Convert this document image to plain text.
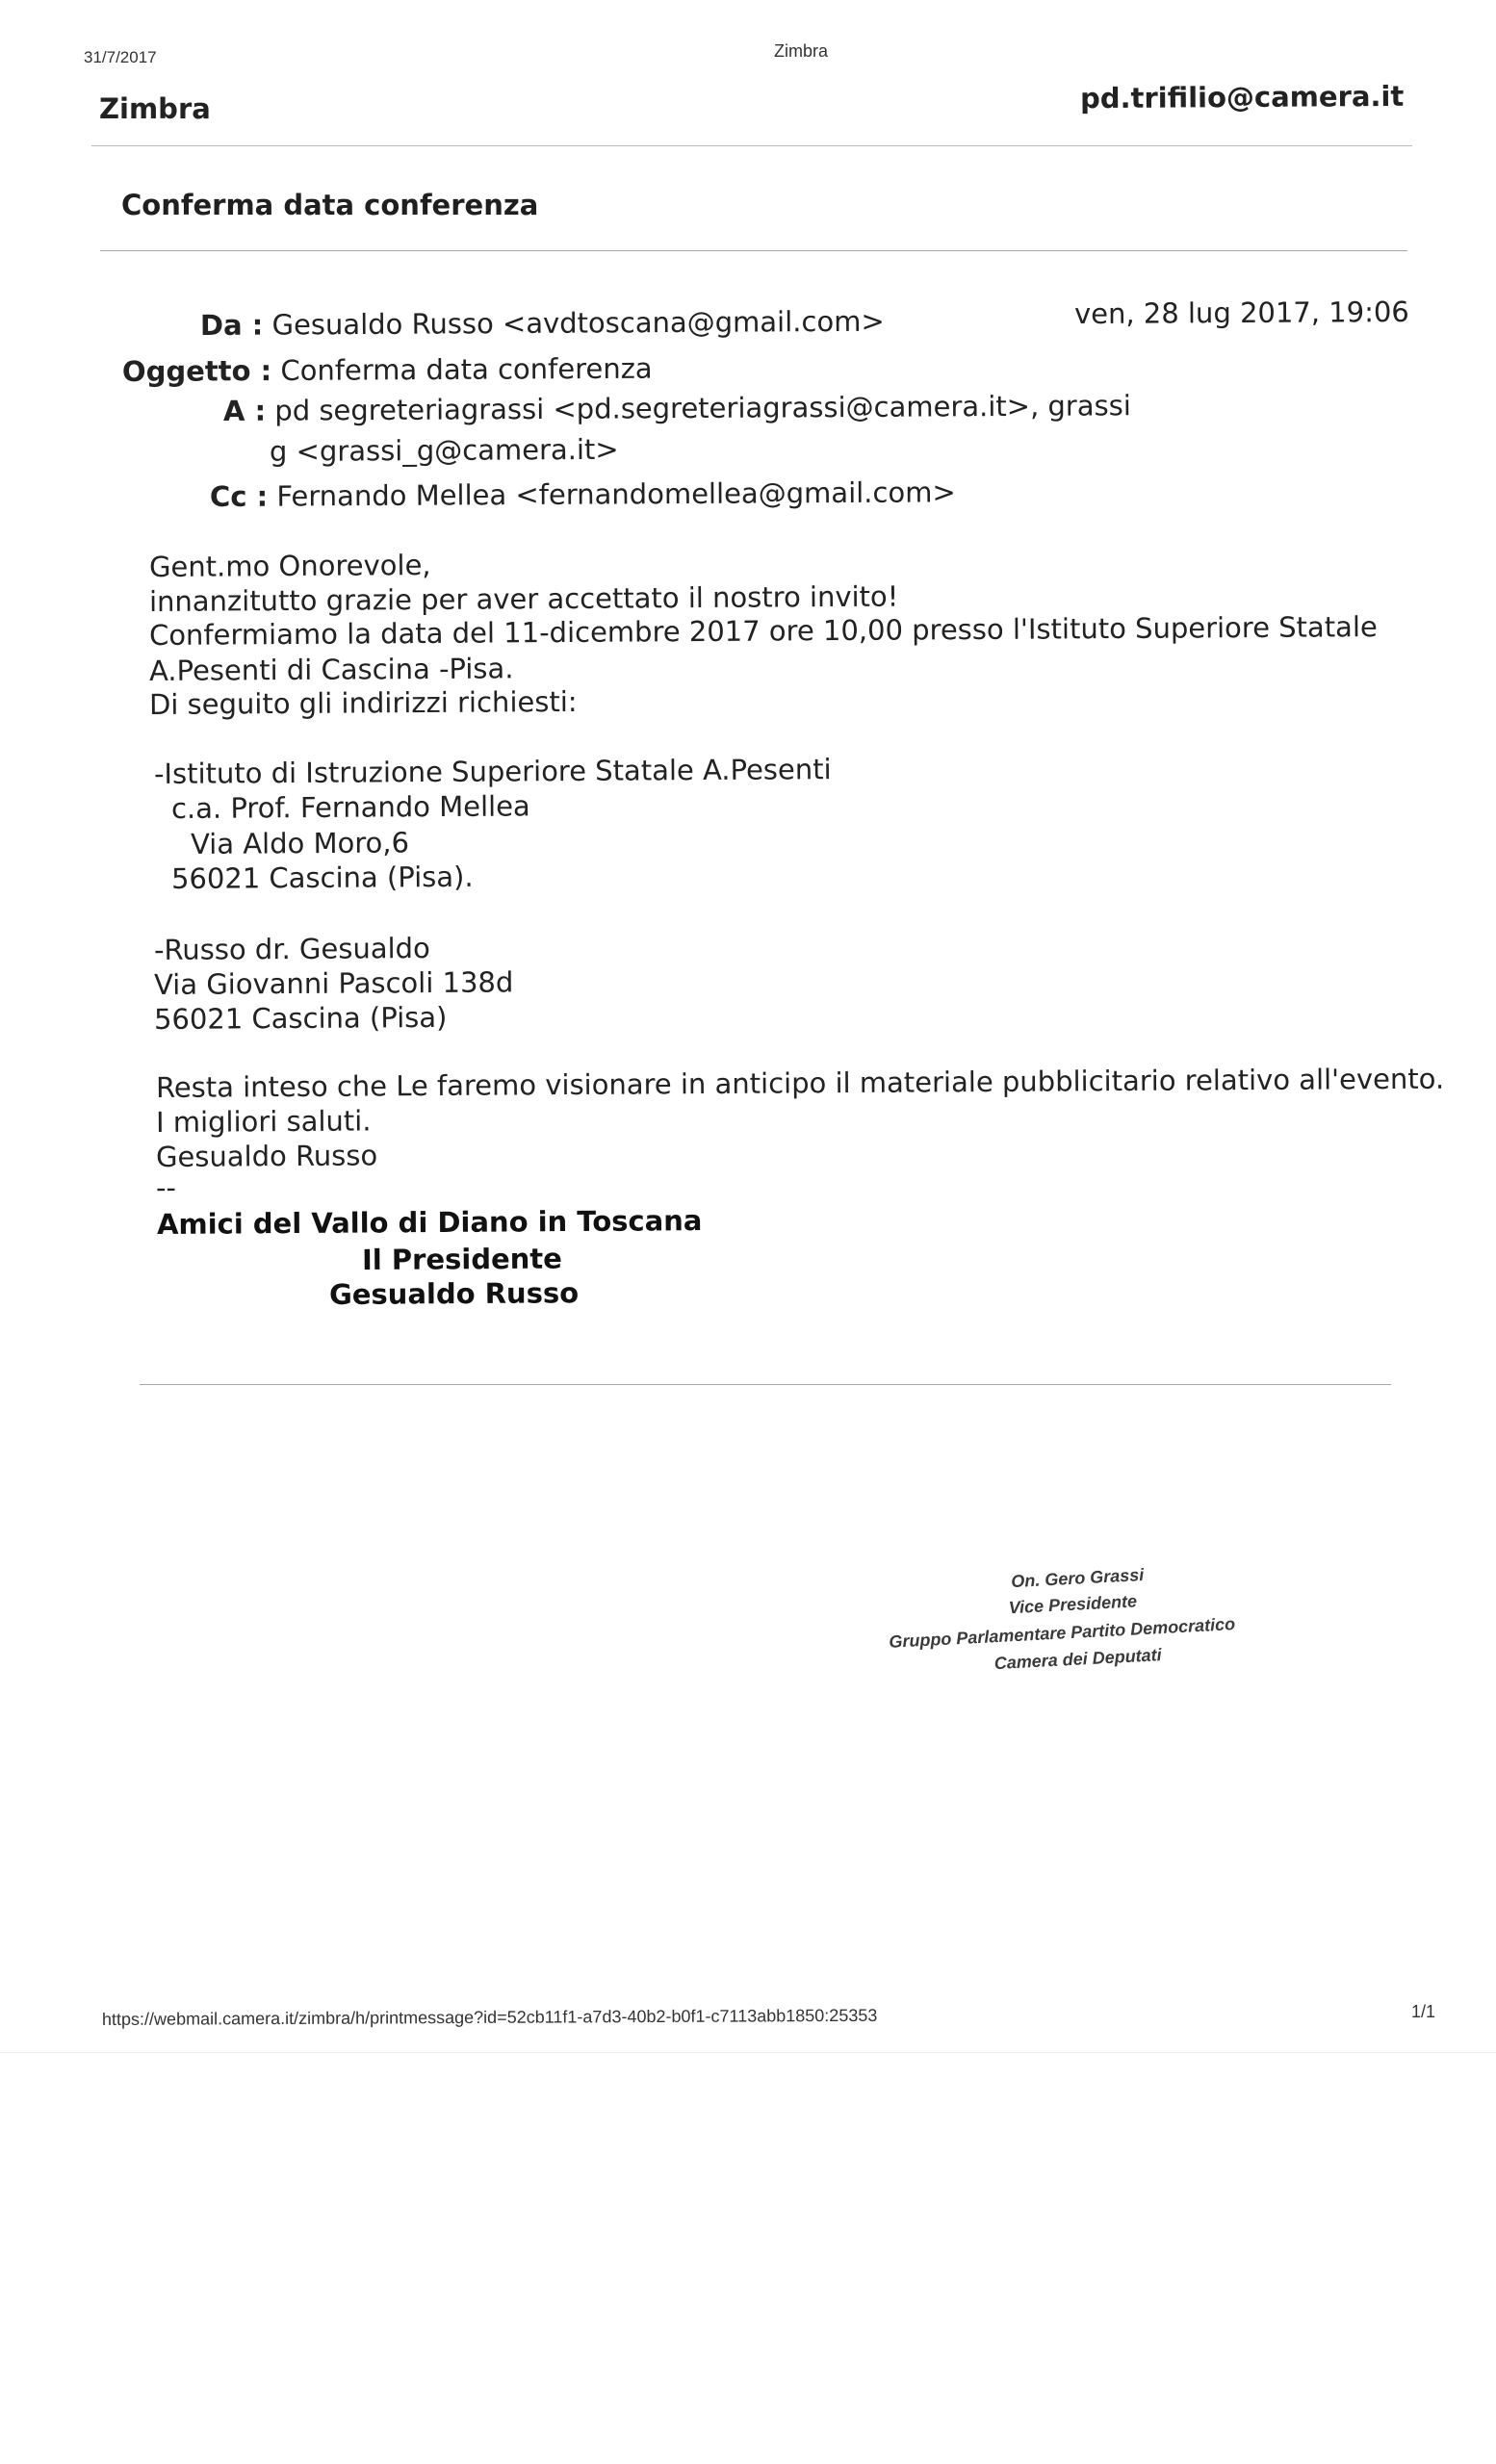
31/7/2017	Zimbra
Zimbra	pd.trifilio@camera.it
Conferma data conferenza
Da : Gesualdo Russo <avdtoscana@gmail.com>	ven, 28 lug 2017, 19:06
Oggetto : Conferma data conferenza
A : pd segreteriagrassi <pd.segreteriagrassi@camera.it>, grassi
g <grassi_g@camera.it>
Cc : Fernando Mellea <fernandomellea@gmail.com>
Gent.mo Onorevole,
innanzitutto grazie per aver accettato il nostro invito!
Confermiamo la data del 11-dicembre 2017 ore 10,00 presso l'Istituto Superiore Statale
A.Pesenti di Cascina -Pisa.
Di seguito gli indirizzi richiesti:
-Istituto di Istruzione Superiore Statale A.Pesenti
c.a. Prof. Fernando Mellea
Via Aldo Moro,6
56021 Cascina (Pisa).
-Russo dr. Gesualdo
Via Giovanni Pascoli 138d
56021 Cascina (Pisa)
Resta inteso che Le faremo visionare in anticipo il materiale pubblicitario relativo all'evento.
I migliori saluti.
Gesualdo Russo
--
Amici del Vallo di Diano in Toscana
Il Presidente
Gesualdo Russo
On. Gero Grassi
Vice Presidente
Gruppo Parlamentare Partito Democratico
Camera dei Deputati
https://webmail.camera.it/zimbra/h/printmessage?id=52cb11f1-a7d3-40b2-b0f1-c7113abb1850:25353	1/1
